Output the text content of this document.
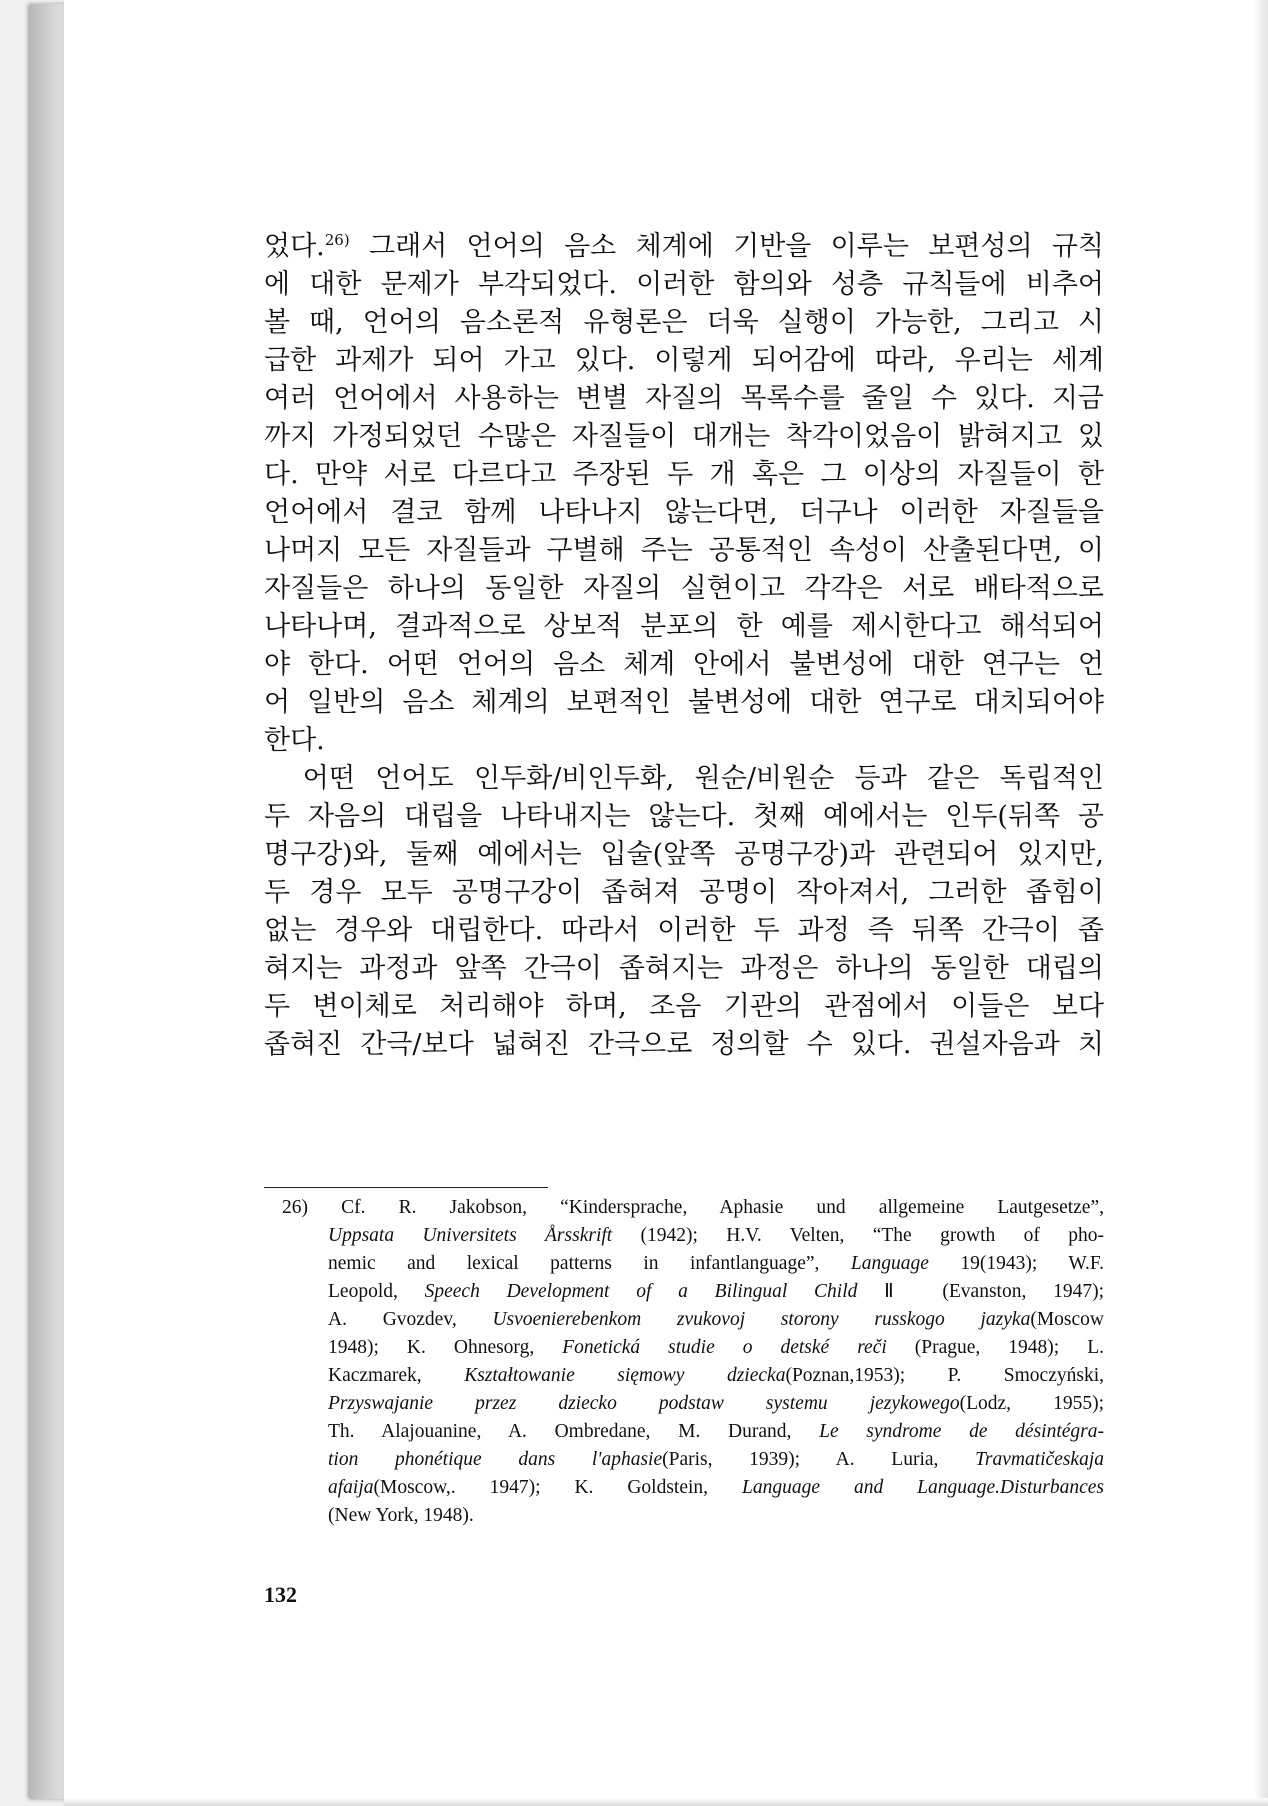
었다.$^{26)}$ 그래서 언어의 음소 체계에 기반을 이루는 보편성의 규칙
에 대한 문제가 부각되었다. 이러한 함의와 성층 규칙들에 비추어
볼 때, 언어의 음소론적 유형론은 더욱 실행이 가능한, 그리고 시
급한 과제가 되어 가고 있다. 이렇게 되어감에 따라, 우리는 세계
여러 언어에서 사용하는 변별 자질의 목록수를 줄일 수 있다. 지금
까지 가정되었던 수많은 자질들이 대개는 착각이었음이 밝혀지고 있
다. 만약 서로 다르다고 주장된 두 개 혹은 그 이상의 자질들이 한
언어에서 결코 함께 나타나지 않는다면, 더구나 이러한 자질들을
나머지 모든 자질들과 구별해 주는 공통적인 속성이 산출된다면, 이
자질들은 하나의 동일한 자질의 실현이고 각각은 서로 배타적으로
나타나며, 결과적으로 상보적 분포의 한 예를 제시한다고 해석되어
야 한다. 어떤 언어의 음소 체계 안에서 불변성에 대한 연구는 언
어 일반의 음소 체계의 보편적인 불변성에 대한 연구로 대치되어야
한다.
　어떤 언어도 인두화/비인두화, 원순/비원순 등과 같은 독립적인
두 자음의 대립을 나타내지는 않는다. 첫째 예에서는 인두(뒤쪽 공
명구강)와, 둘째 예에서는 입술(앞쪽 공명구강)과 관련되어 있지만,
두 경우 모두 공명구강이 좁혀져 공명이 작아져서, 그러한 좁힘이
없는 경우와 대립한다. 따라서 이러한 두 과정 즉 뒤쪽 간극이 좁
혀지는 과정과 앞쪽 간극이 좁혀지는 과정은 하나의 동일한 대립의
두 변이체로 처리해야 하며, 조음 기관의 관점에서 이들은 보다
좁혀진 간극/보다 넓혀진 간극으로 정의할 수 있다. 권설자음과 치
26) Cf. R. Jakobson, “Kindersprache, Aphasie und allgemeine Lautgesetze”,
Uppsata Universitets Årsskrift (1942); H.V. Velten, “The growth of pho-
nemic and lexical patterns in infantlanguage”, Language 19(1943); W.F.
Leopold, Speech Development of a Bilingual Child Ⅱ (Evanston, 1947);
A. Gvozdev, Usvoenierebenkom zvukovoj storony russkogo jazyka(Moscow
1948); K. Ohnesorg, Fonetická studie o detské reči (Prague, 1948); L.
Kaczmarek, Kształtowanie sięmowy dziecka(Poznan,1953); P. Smoczyński,
Przyswajanie przez dziecko podstaw systemu jezykowego(Lodz, 1955);
Th. Alajouanine, A. Ombredane, M. Durand, Le syndrome de désintégra-
tion phonétique dans l'aphasie(Paris, 1939); A. Luria, Travmatičeskaja
afaija(Moscow,. 1947); K. Goldstein, Language and Language.Disturbances
(New York, 1948).
132
